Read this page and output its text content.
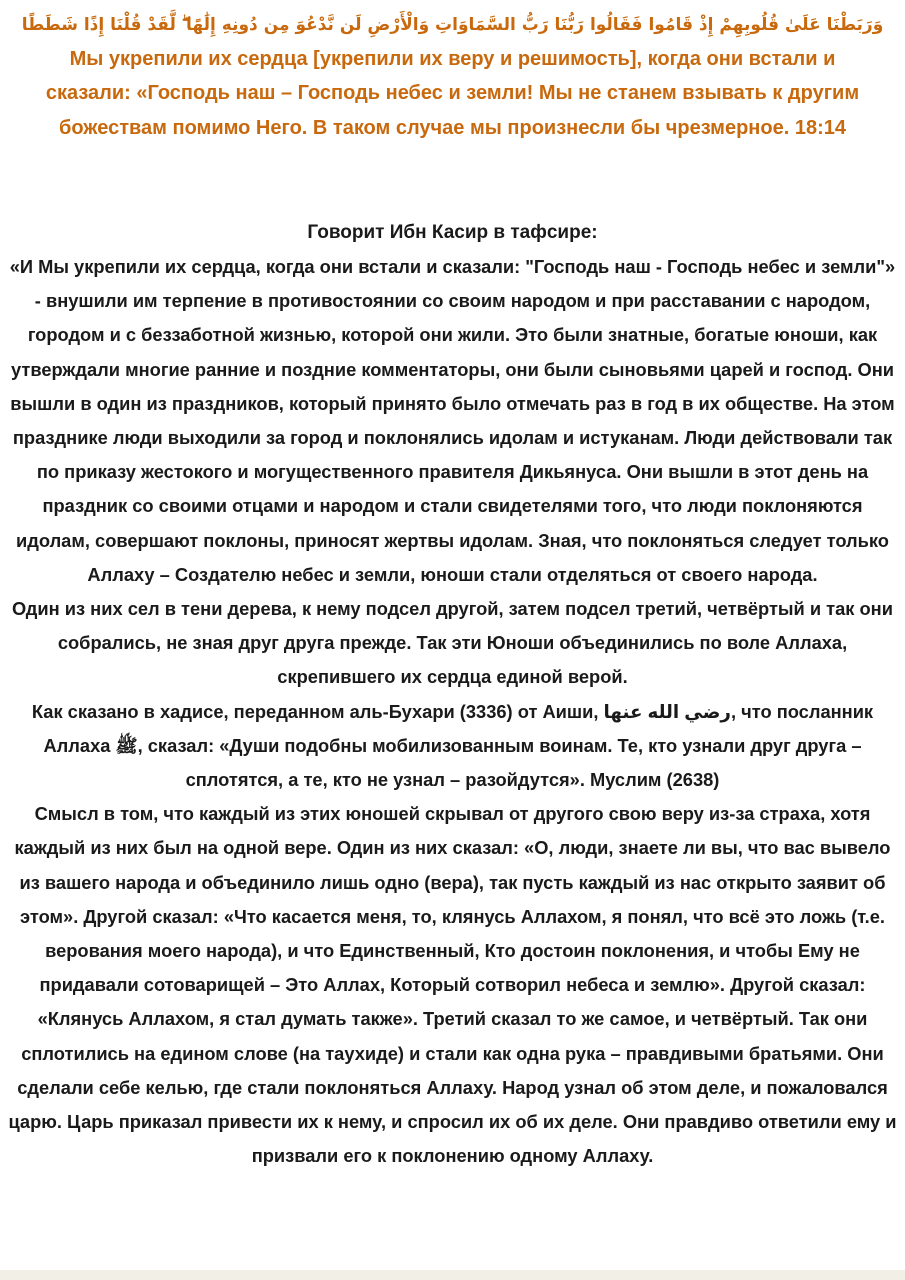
وَرَبَطْنَا عَلَىٰ قُلُوبِهِمْ إِذْ قَامُوا فَقَالُوا رَبُّنَا رَبُّ السَّمَاوَاتِ وَالْأَرْضِ لَن نَّدْعُوَ مِن دُونِهِ إِلَٰهًا ۖ لَّقَدْ قُلْنَا إِذًا شَطَطًا
Мы укрепили их сердца [укрепили их веру и решимость], когда они встали и сказали: «Господь наш – Господь небес и земли! Мы не станем взывать к другим божествам помимо Него. В таком случае мы произнесли бы чрезмерное. 18:14
Говорит Ибн Касир в тафсире:

«И Мы укрепили их сердца, когда они встали и сказали: "Господь наш - Господь небес и земли"» - внушили им терпение в противостоянии со своим народом и при расставании с народом, городом и с беззаботной жизнью, которой они жили. Это были знатные, богатые юноши, как утверждали многие ранние и поздние комментаторы, они были сыновьями царей и господ. Они вышли в один из праздников, который принято было отмечать раз в год в их обществе. На этом празднике люди выходили за город и поклонялись идолам и истуканам. Люди действовали так по приказу жестокого и могущественного правителя Дикьянуса. Они вышли в этот день на праздник со своими отцами и народом и стали свидетелями того, что люди поклоняются идолам, совершают поклоны, приносят жертвы идолам. Зная, что поклоняться следует только Аллаху – Создателю небес и земли, юноши стали отделяться от своего народа.

Один из них сел в тени дерева, к нему подсел другой, затем подсел третий, четвёртый и так они собрались, не зная друг друга прежде. Так эти Юноши объединились по воле Аллаха, скрепившего их сердца единой верой.

Как сказано в хадисе, переданном аль-Бухари (3336) от Аиши, رضي الله عنها, что посланник Аллаха ﷺ, сказал: «Души подобны мобилизованным воинам. Те, кто узнали друг друга – сплотятся, а те, кто не узнал – разойдутся». Муслим (2638)

Смысл в том, что каждый из этих юношей скрывал от другого свою веру из-за страха, хотя каждый из них был на одной вере. Один из них сказал: «О, люди, знаете ли вы, что вас вывело из вашего народа и объединило лишь одно (вера), так пусть каждый из нас открыто заявит об этом». Другой сказал: «Что касается меня, то, клянусь Аллахом, я понял, что всё это ложь (т.е. верования моего народа), и что Единственный, Кто достоин поклонения, и чтобы Ему не придавали сотоварищей – Это Аллах, Который сотворил небеса и землю». Другой сказал: «Клянусь Аллахом, я стал думать также». Третий сказал то же самое, и четвёртый. Так они сплотились на едином слове (на таухиде) и стали как одна рука – правдивыми братьями. Они сделали себе келью, где стали поклоняться Аллаху. Народ узнал об этом деле, и пожаловался царю. Царь приказал привести их к нему, и спросил их об их деле. Они правдиво ответили ему и призвали его к поклонению одному Аллаху.
